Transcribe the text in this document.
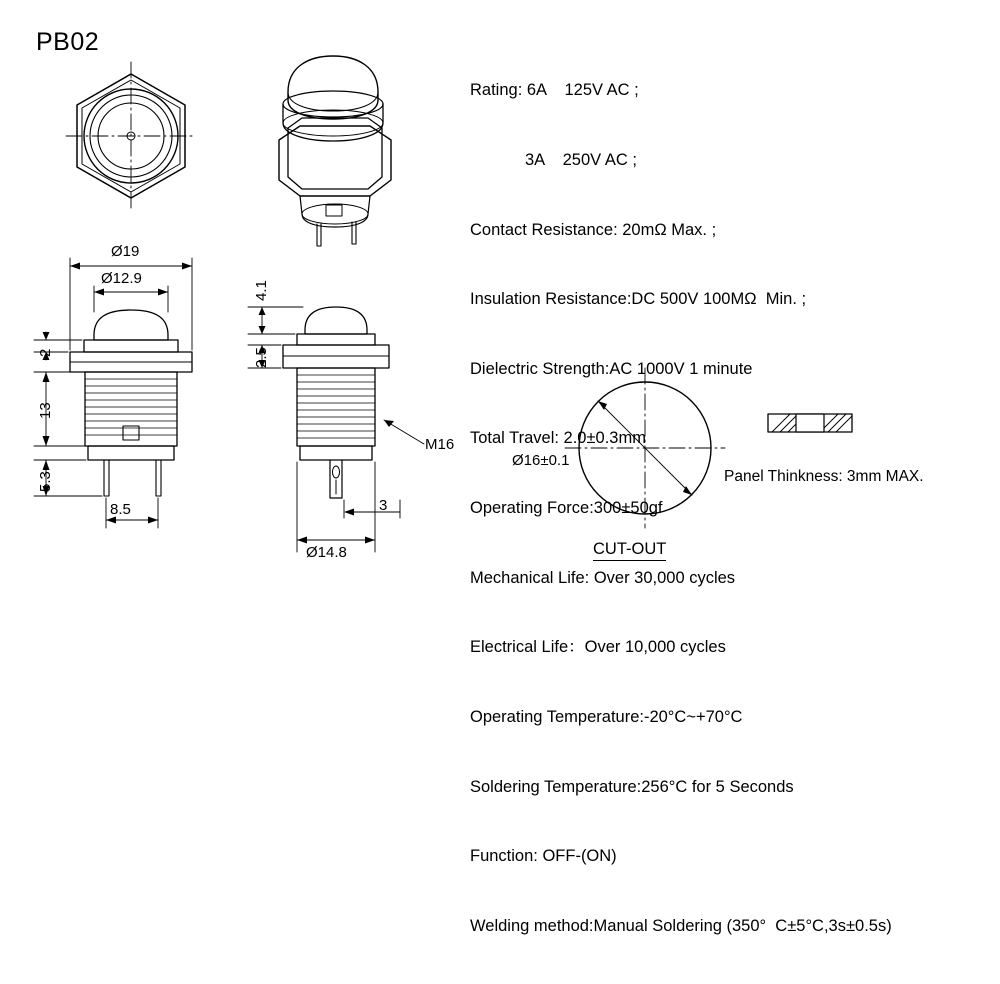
PB02

Rating: 6A    125V AC ;

3A    250V AC ;

Contact Resistance: 20mΩ Max. ;

Insulation Resistance:DC 500V 100MΩ  Min. ;

Dielectric Strength:AC 1000V 1 minute

Total Travel: 2.0±0.3mm

Operating Force:300±50gf

Mechanical Life: Over 30,000 cycles

Electrical Life：Over 10,000 cycles

Operating Temperature:-20°C~+70°C

Soldering Temperature:256°C for 5 Seconds

Function: OFF-(ON)

Welding method:Manual Soldering (350°  C±5°C,3s±0.5s)

Ø19
Ø12.9
2
13
5.3
8.5
4.1
2.5
3
Ø14.8
M16
Ø16±0.1
CUT-OUT
Panel Thinkness: 3mm MAX.
